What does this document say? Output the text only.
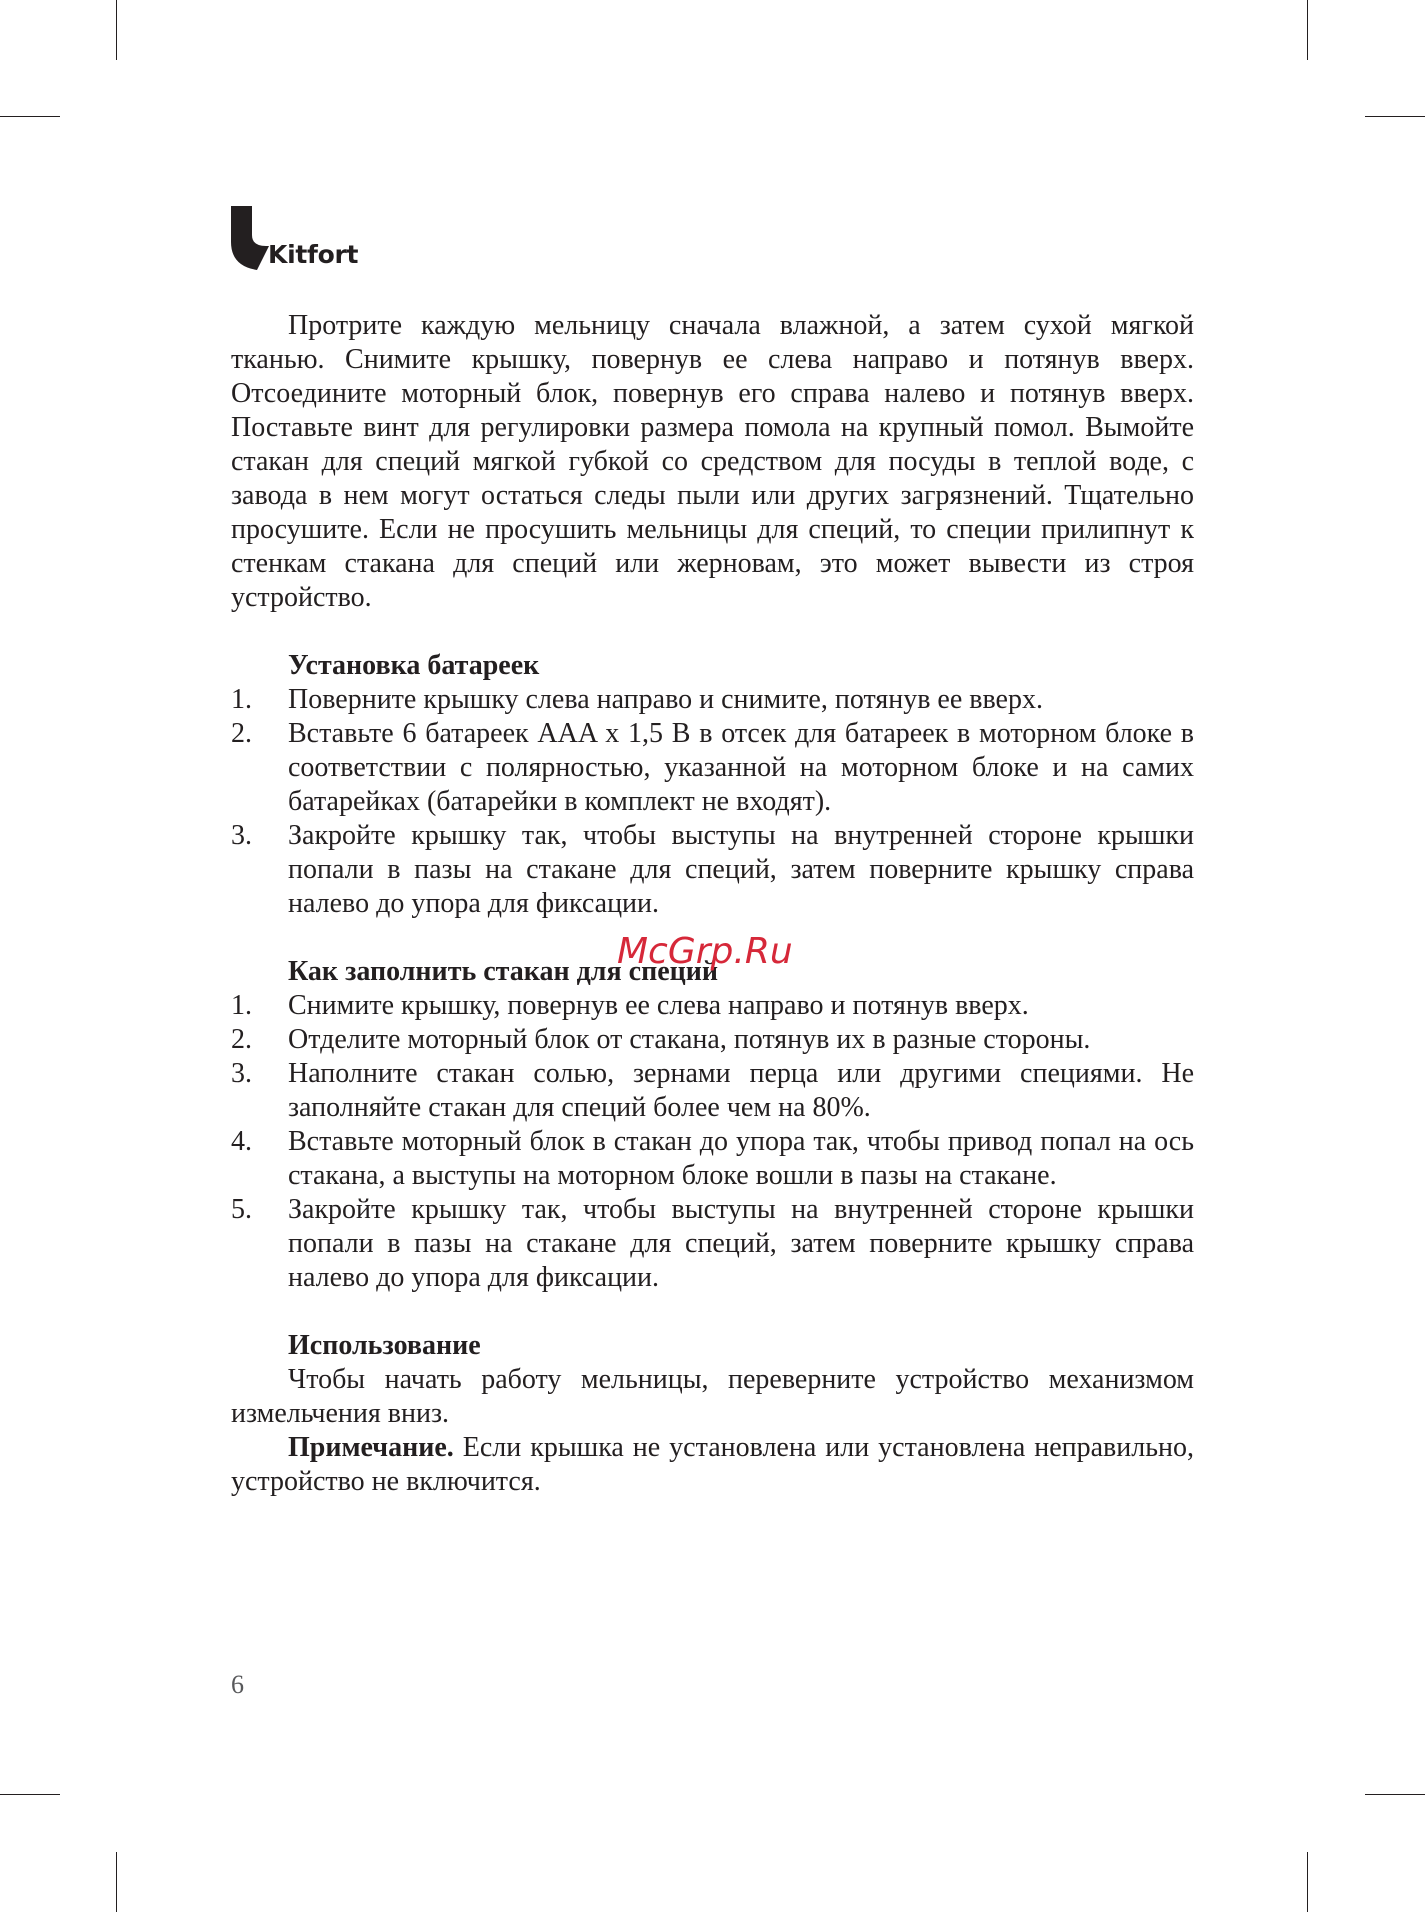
Kitfort

Протрите каждую мельницу сначала влажной, а затем сухой мягкой тканью. Снимите крышку, повернув ее слева направо и потянув вверх. Отсоедините моторный блок, повернув его справа налево и потянув вверх. Поставьте винт для регулировки размера помола на крупный помол. Вымойте стакан для специй мягкой губкой со средством для посуды в теплой воде, с завода в нем могут остаться следы пыли или других загрязнений. Тщательно просушите. Если не просушить мельницы для специй, то специи прилипнут к стенкам стакана для специй или жерновам, это может вывести из строя устройство.

Установка батареек
1. Поверните крышку слева направо и снимите, потянув ее вверх.
2. Вставьте 6 батареек AAA x 1,5 В в отсек для батареек в моторном блоке в соответствии с полярностью, указанной на моторном блоке и на самих батарейках (батарейки в комплект не входят).
3. Закройте крышку так, чтобы выступы на внутренней стороне крышки попали в пазы на стакане для специй, затем поверните крышку справа налево до упора для фиксации.
Как заполнить стакан для специй
1. Снимите крышку, повернув ее слева направо и потянув вверх.
2. Отделите моторный блок от стакана, потянув их в разные стороны.
3. Наполните стакан солью, зернами перца или другими специями. Не заполняйте стакан для специй более чем на 80%.
4. Вставьте моторный блок в стакан до упора так, чтобы привод попал на ось стакана, а выступы на моторном блоке вошли в пазы на стакане.
5. Закройте крышку так, чтобы выступы на внутренней стороне крышки попали в пазы на стакане для специй, затем поверните крышку справа налево до упора для фиксации.
Использование

Чтобы начать работу мельницы, переверните устройство механизмом измельчения вниз.

Примечание. Если крышка не установлена или установлена неправильно, устройство не включится.

6
McGrp.Ru
